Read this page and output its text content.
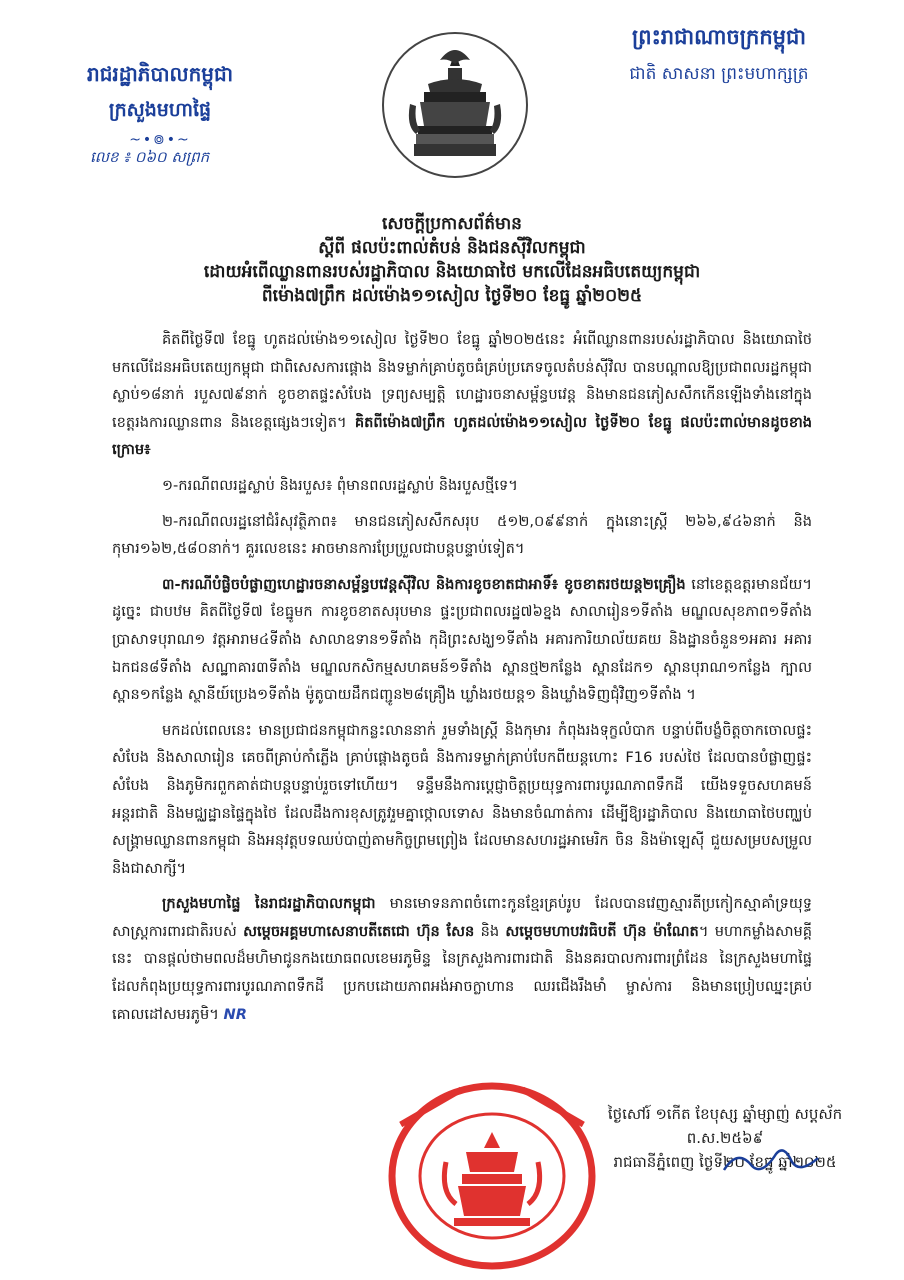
រាជរដ្ឋាភិបាលកម្ពុជា
ក្រសួងមហាផ្ទៃ
~•៙•~
លេខ ៖ ០៦០ សព្រក
ព្រះរាជាណាចក្រកម្ពុជា
ជាតិ សាសនា ព្រះមហាក្សត្រ
សេចក្តីប្រកាសព័ត៌មាន
ស្តីពី ផលប៉ះពាល់តំបន់ និងជនស៊ីវិលកម្ពុជា
ដោយអំពើឈ្លានពានរបស់រដ្ឋាភិបាល និងយោធាថៃ មកលើដែនអធិបតេយ្យកម្ពុជា
ពីម៉ោង៧ព្រឹក ដល់ម៉ោង១១សៀល ថ្ងៃទី២០ ខែធ្នូ ឆ្នាំ២០២៥

គិតពីថ្ងៃទី៧ ខែធ្នូ ហូតដល់ម៉ោង១១សៀល ថ្ងៃទី២០ ខែធ្នូ ឆ្នាំ២០២៥នេះ អំពើឈ្លានពានរបស់រដ្ឋាភិបាល និងយោធាថៃ មកលើដែនអធិបតេយ្យកម្ពុជា ជាពិសេសការផ្តោង និងទម្លាក់គ្រាប់តូចធំគ្រប់ប្រភេទចូលតំបន់ស៊ីវិល បានបណ្តាលឱ្យប្រជាពលរដ្ឋកម្ពុជាស្លាប់១៨នាក់ របួស៧៩នាក់ ខូចខាតផ្ទះសំបែង ទ្រព្យសម្បត្តិ ហេដ្ឋារចនាសម្ព័ន្ធបវេន្ត និងមានជនភៀសសឹកកើនឡើងទាំងនៅក្នុងខេត្តរងការឈ្លានពាន និងខេត្តផ្សេងៗទៀត។ គិតពីម៉ោង៧ព្រឹក ហូតដល់ម៉ោង១១សៀល ថ្ងៃទី២០ ខែធ្នូ ផលប៉ះពាល់មានដូចខាងក្រោម៖

១-ករណីពលរដ្ឋស្លាប់ និងរបួស៖ ពុំមានពលរដ្ឋស្លាប់ និងរបួសថ្មីទេ។

២-ករណីពលរដ្ឋនៅជំរំសុវត្ថិភាព៖ មានជនភៀសសឹកសរុប ៥១២,០៩៩នាក់ ក្នុងនោះស្ត្រី ២៦៦,៩៤៦នាក់ និងកុមារ១៦២,៥៨០នាក់។ គួរលេខនេះ អាចមានការប្រែប្រួលជាបន្តបន្ទាប់ទៀត។

៣-ករណីបំផ្លិចបំផ្លាញហេដ្ឋារចនាសម្ព័ន្ធបវេន្តស៊ីវិល និងការខូចខាតជាអាទិ៍៖ ខូចខាតរថយន្ត២គ្រឿង នៅខេត្តឧត្តរមានជ័យ។ ដូច្នេះ ជាបឋម គិតពីថ្ងៃទី៧ ខែធ្នូមក ការខូចខាតសរុបមាន ផ្ទះប្រជាពលរដ្ឋ៧៦ខ្នង សាលារៀន១ទីតាំង មណ្ឌលសុខភាព១ទីតាំង ប្រាសាទបុរាណ១ វត្តអារាម៤ទីតាំង សាលាឧទាន១ទីតាំង កុដិព្រះសង្ឃ១ទីតាំង អគារការិយាល័យគយ និងដ្ឋានចំនួន១អគារ អគារឯកជន៨ទីតាំង សណ្ឋាគារ៣ទីតាំង មណ្ឌលកសិកម្មសហគមន៍១ទីតាំង ស្ពានថ្ម២កន្លែង ស្ពានដែក១ ស្ពានបុរាណ១កន្លែង ក្បាលស្ពាន១កន្លែង ស្ថានីយ៍ប្រេង១ទីតាំង ម៉ូតូបាយដឹកជញ្ជូន២៨គ្រឿង ឃ្លាំងរថយន្ត១ និងឃ្លាំងទិញជុំវិញ១ទីតាំង ។

មកដល់ពេលនេះ មានប្រជាជនកម្ពុជាកន្លះលាននាក់ រួមទាំងស្ត្រី និងកុមារ កំពុងរងទុក្ខលំបាក បន្ទាប់ពីបង្ខំចិត្តចាកចោលផ្ទះសំបែង និងសាលារៀន គេចពីគ្រាប់កាំភ្លើង គ្រាប់ផ្តោងតូចធំ និងការទម្លាក់គ្រាប់បែកពីយន្តហោះ F16 របស់ថៃ ដែលបានបំផ្លាញផ្ទះសំបែង និងភូមិករពួកគាត់ជាបន្តបន្ទាប់រួចទៅហើយ។ ទន្ទឹមនឹងការប្តេជ្ញាចិត្តប្រយុទ្ធការពារបូរណភាពទឹកដី យើងទទួចសហគមន៍អន្តរជាតិ និងមជ្ឈដ្ឋានផ្ទៃក្នុងថៃ ដែលដឹងការខុសត្រូវរួមគ្នាថ្កោលទោស និងមានចំណាត់ការ ដើម្បីឱ្យរដ្ឋាភិបាល និងយោធាថៃបញ្ឈប់សង្គ្រាមឈ្លានពានកម្ពុជា និងអនុវត្តបទឈប់បាញ់តាមកិច្ចព្រមព្រៀង ដែលមានសហរដ្ឋអាមេរិក ចិន និងម៉ាឡេស៊ី ជួយសម្របសម្រួល និងជាសាក្សី។

ក្រសួងមហាផ្ទៃ នៃរាជរដ្ឋាភិបាលកម្ពុជា មានមោទនភាពចំពោះកូនខ្មែរគ្រប់រូប ដែលបានវេញស្មារតីប្រកៀកស្មាគាំទ្រយុទ្ធសាស្ត្រការពារជាតិរបស់ សម្តេចអគ្គមហាសេនាបតីតេជោ ហ៊ុន សែន និង សម្តេចមហាបវរធិបតី ហ៊ុន ម៉ាណែត។ មហាកម្លាំងសាមគ្គីនេះ បានផ្តល់ថាមពលដ៏មហិមាជូនកងយោធពលខេមរភូមិន្ទ នៃក្រសួងការពារជាតិ និងនគរបាលការពារព្រំដែន នៃក្រសួងមហាផ្ទៃ ដែលកំពុងប្រយុទ្ធការពារបូរណភាពទឹកដី ប្រកបដោយភាពអង់អាចក្លាហាន ឈរជើងរឹងមាំ ម្ចាស់ការ និងមានប្រៀបឈ្នះគ្រប់គោលដៅសមរភូមិ។ NR

ថ្ងៃសៅរ៍ ១កើត ខែបុស្ស ឆ្នាំម្សាញ់ សប្តស័ក ព.ស.២៥៦៩
រាជធានីភ្នំពេញ ថ្ងៃទី២០ ខែធ្នូ ឆ្នាំ២០២៥
